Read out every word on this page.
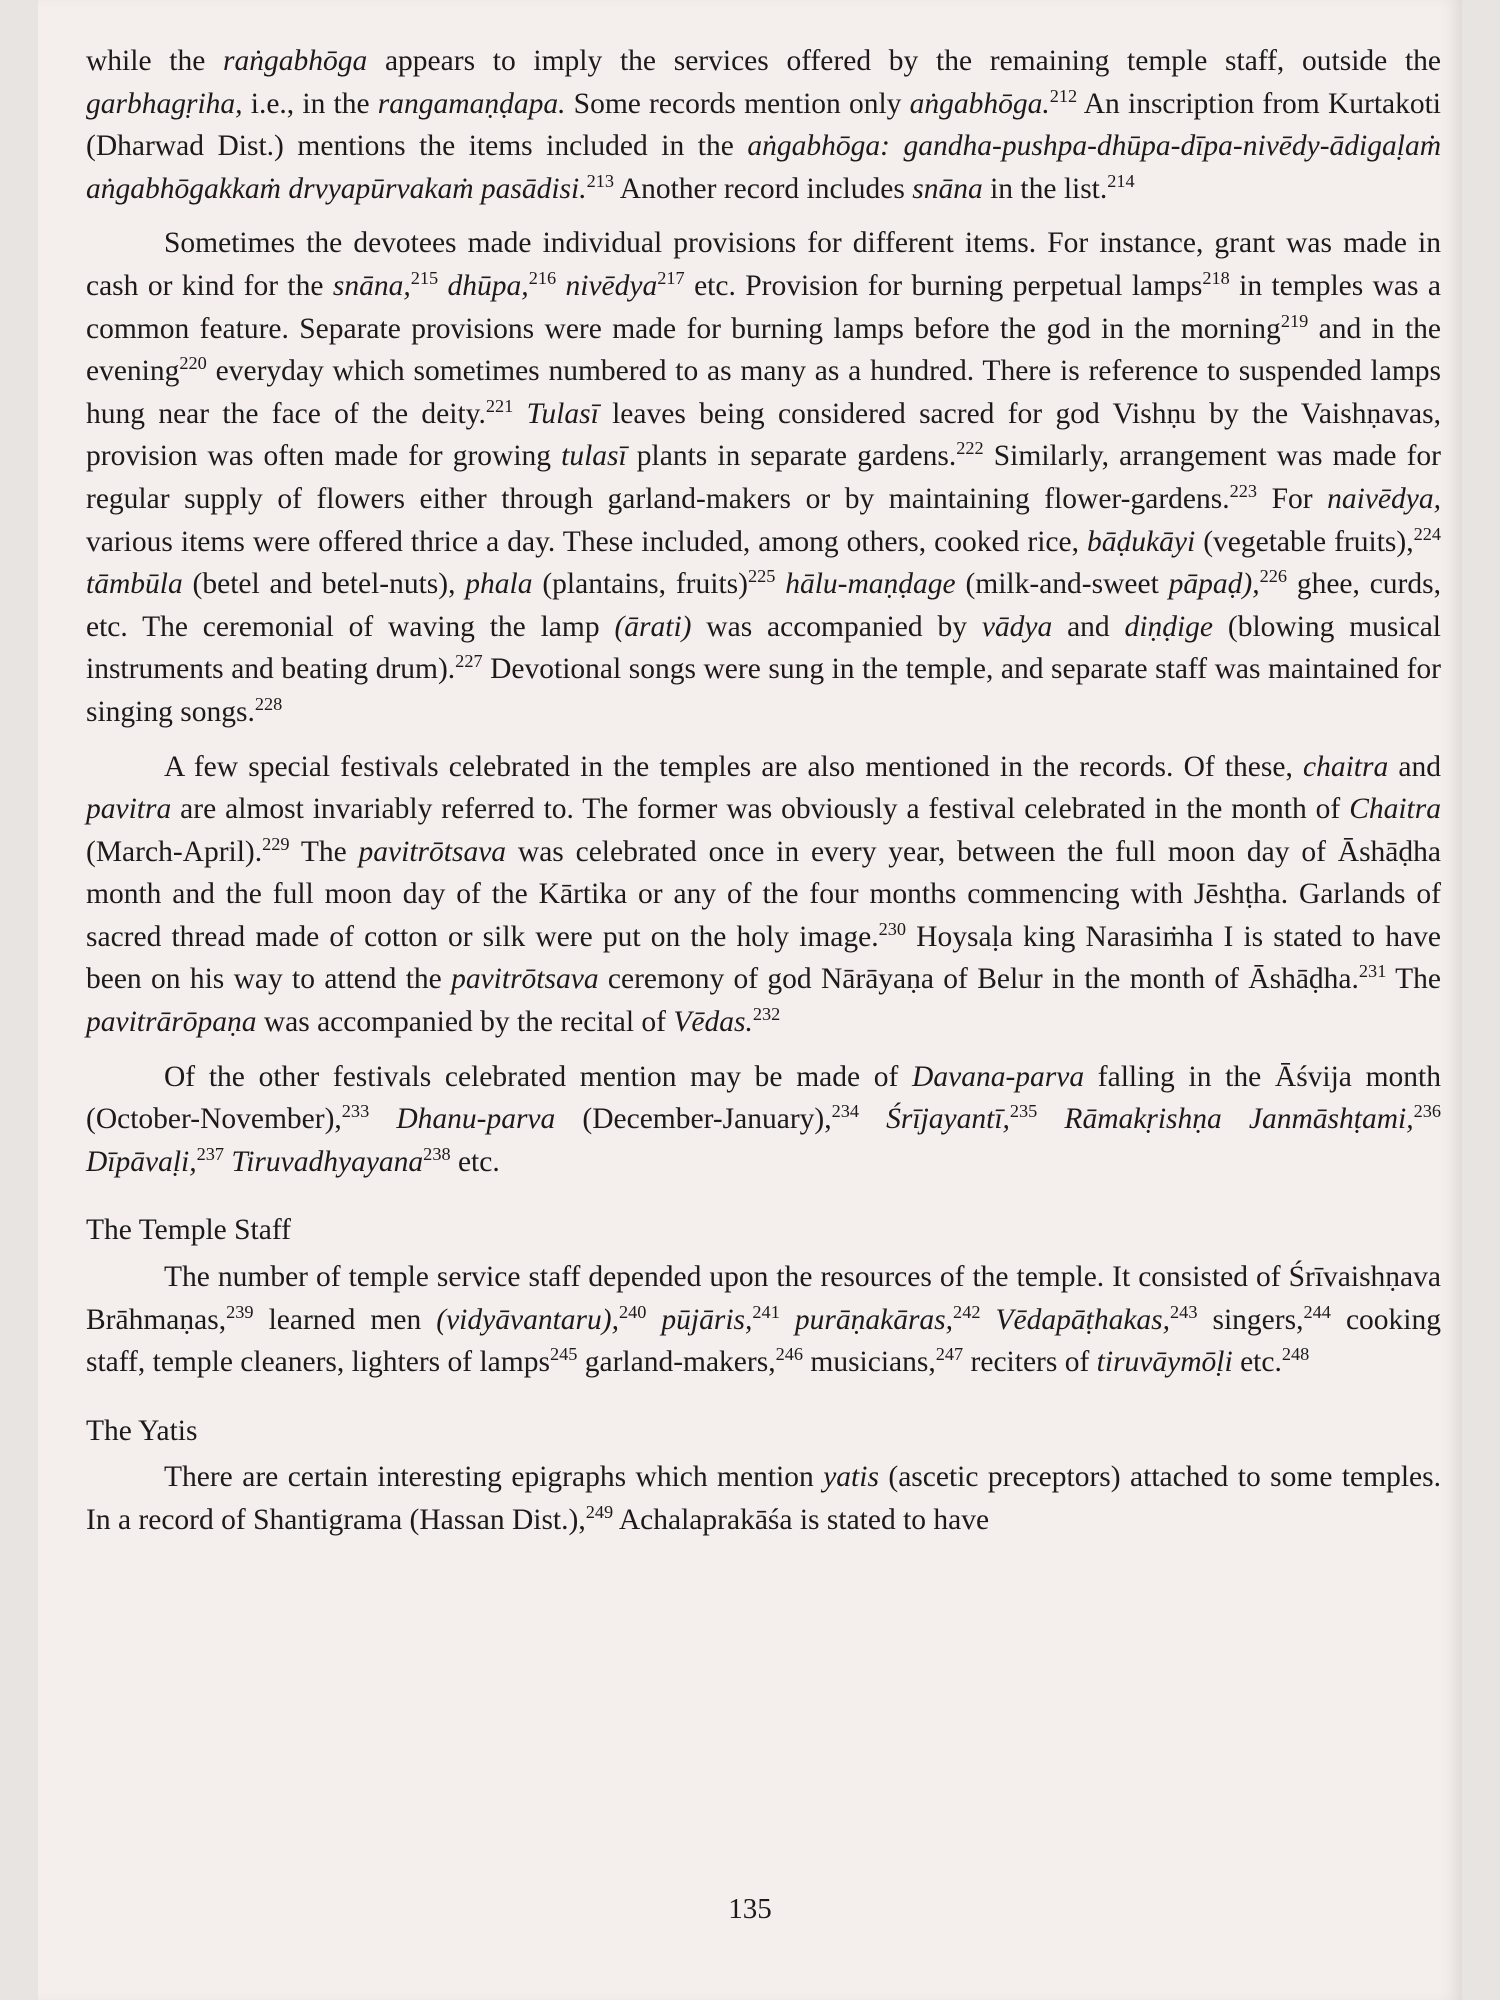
while the raṅgabhōga appears to imply the services offered by the remaining temple staff, outside the garbhagṛiha, i.e., in the rangamaṇḍapa. Some records mention only aṅgabhōga.$^{212}$ An inscription from Kurtakoti (Dharwad Dist.) mentions the items included in the aṅgabhōga: gandha-pushpa-dhūpa-dīpa-nivēdy-ādigaḷaṁ aṅgabhōgakkaṁ drvyapūrvakaṁ pasādisi.$^{213}$ Another record includes snāna in the list.$^{214}$

Sometimes the devotees made individual provisions for different items. For instance, grant was made in cash or kind for the snāna,$^{215}$ dhūpa,$^{216}$ nivēdya$^{217}$ etc. Provision for burning perpetual lamps$^{218}$ in temples was a common feature. Separate provisions were made for burning lamps before the god in the morning$^{219}$ and in the evening$^{220}$ everyday which sometimes numbered to as many as a hundred. There is reference to suspended lamps hung near the face of the deity.$^{221}$ Tulasī leaves being considered sacred for god Vishṇu by the Vaishṇavas, provision was often made for growing tulasī plants in separate gardens.$^{222}$ Similarly, arrangement was made for regular supply of flowers either through garland-makers or by maintaining flower-gardens.$^{223}$ For naivēdya, various items were offered thrice a day. These included, among others, cooked rice, bāḍukāyi (vegetable fruits),$^{224}$ tāmbūla (betel and betel-nuts), phala (plantains, fruits)$^{225}$ hālu-maṇḍage (milk-and-sweet pāpaḍ),$^{226}$ ghee, curds, etc. The ceremonial of waving the lamp (ārati) was accompanied by vādya and diṇḍige (blowing musical instruments and beating drum).$^{227}$ Devotional songs were sung in the temple, and separate staff was maintained for singing songs.$^{228}$

A few special festivals celebrated in the temples are also mentioned in the records. Of these, chaitra and pavitra are almost invariably referred to. The former was obviously a festival celebrated in the month of Chaitra (March-April).$^{229}$ The pavitrōtsava was celebrated once in every year, between the full moon day of Āshāḍha month and the full moon day of the Kārtika or any of the four months commencing with Jēshṭha. Garlands of sacred thread made of cotton or silk were put on the holy image.$^{230}$ Hoysaḷa king Narasiṁha I is stated to have been on his way to attend the pavitrōtsava ceremony of god Nārāyaṇa of Belur in the month of Āshāḍha.$^{231}$ The pavitrārōpaṇa was accompanied by the recital of Vēdas.$^{232}$

Of the other festivals celebrated mention may be made of Davana-parva falling in the Āśvija month (October-November),$^{233}$ Dhanu-parva (December-January),$^{234}$ Śrījayantī,$^{235}$ Rāmakṛishṇa Janmāshṭami,$^{236}$ Dīpāvaḷi,$^{237}$ Tiruvadhyayana$^{238}$ etc.

The Temple Staff

The number of temple service staff depended upon the resources of the temple. It consisted of Śrīvaishṇava Brāhmaṇas,$^{239}$ learned men (vidyāvantaru),$^{240}$ pūjāris,$^{241}$ purāṇakāras,$^{242}$ Vēdapāṭhakas,$^{243}$ singers,$^{244}$ cooking staff, temple cleaners, lighters of lamps$^{245}$ garland-makers,$^{246}$ musicians,$^{247}$ reciters of tiruvāymōḷi etc.$^{248}$

The Yatis

There are certain interesting epigraphs which mention yatis (ascetic preceptors) attached to some temples. In a record of Shantigrama (Hassan Dist.),$^{249}$ Achalaprakāśa is stated to have

135
